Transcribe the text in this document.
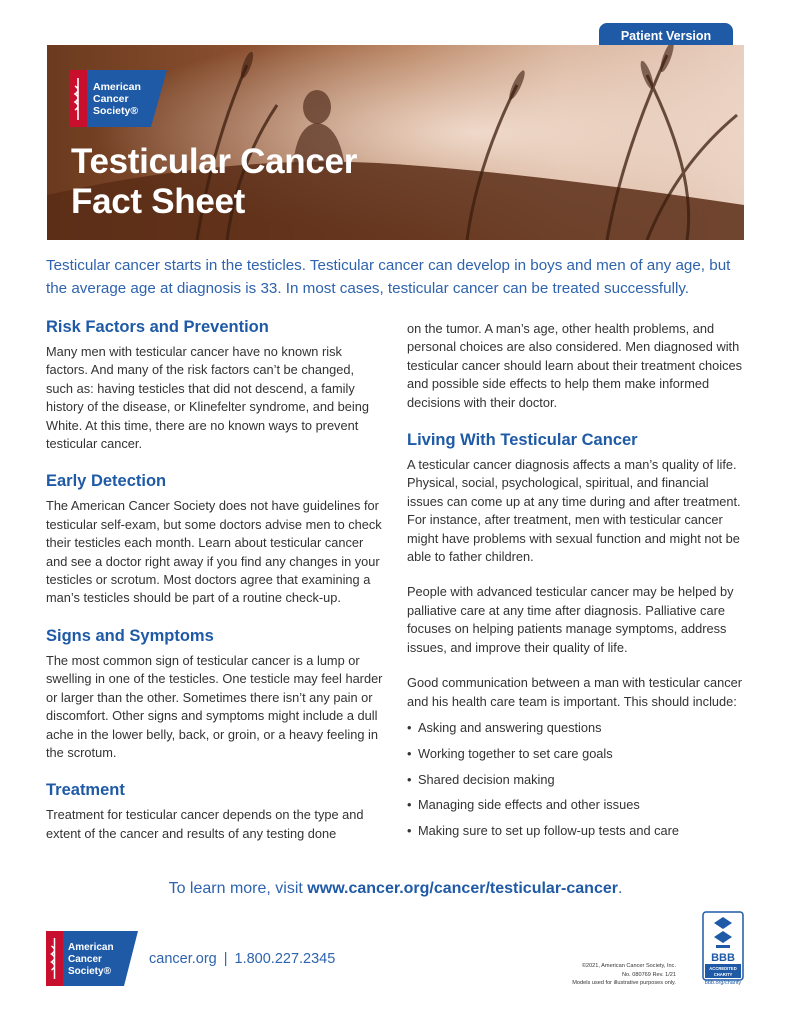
Patient Version
American
Cancer
Society®
Testicular Cancer
Fact Sheet

Testicular cancer starts in the testicles. Testicular cancer can develop in boys and men of any age, but the average age at diagnosis is 33. In most cases, testicular cancer can be treated successfully.

Risk Factors and Prevention

Many men with testicular cancer have no known risk factors. And many of the risk factors can’t be changed, such as: having testicles that did not descend, a family history of the disease, or Klinefelter syndrome, and being White. At this time, there are no known ways to prevent testicular cancer.

Early Detection

The American Cancer Society does not have guidelines for testicular self-exam, but some doctors advise men to check their testicles each month. Learn about testicular cancer and see a doctor right away if you find any changes in your testicles or scrotum. Most doctors agree that examining a man’s testicles should be part of a routine check-up.

Signs and Symptoms

The most common sign of testicular cancer is a lump or swelling in one of the testicles. One testicle may feel harder or larger than the other. Sometimes there isn’t any pain or discomfort. Other signs and symptoms might include a dull ache in the lower belly, back, or groin, or a heavy feeling in the scrotum.

Treatment

Treatment for testicular cancer depends on the type and extent of the cancer and results of any testing done

on the tumor. A man’s age, other health problems, and personal choices are also considered. Men diagnosed with testicular cancer should learn about their treatment choices and possible side effects to help them make informed decisions with their doctor.

Living With Testicular Cancer

A testicular cancer diagnosis affects a man’s quality of life. Physical, social, psychological, spiritual, and financial issues can come up at any time during and after treatment. For instance, after treatment, men with testicular cancer might have problems with sexual function and might not be able to father children.

People with advanced testicular cancer may be helped by palliative care at any time after diagnosis. Palliative care focuses on helping patients manage symptoms, address issues, and improve their quality of life.

Good communication between a man with testicular cancer and his health care team is important. This should include:

• Asking and answering questions
• Working together to set care goals
• Shared decision making
• Managing side effects and other issues
• Making sure to set up follow-up tests and care
To learn more, visit www.cancer.org/cancer/testicular-cancer.
American
Cancer
Society®
cancer.org | 1.800.227.2345	©2021, American Cancer Society, Inc.
No. 080769 Rev. 1/21
Models used for illustrative purposes only.
BBB
ACCREDITED
CHARITY
bbb.org/charity
